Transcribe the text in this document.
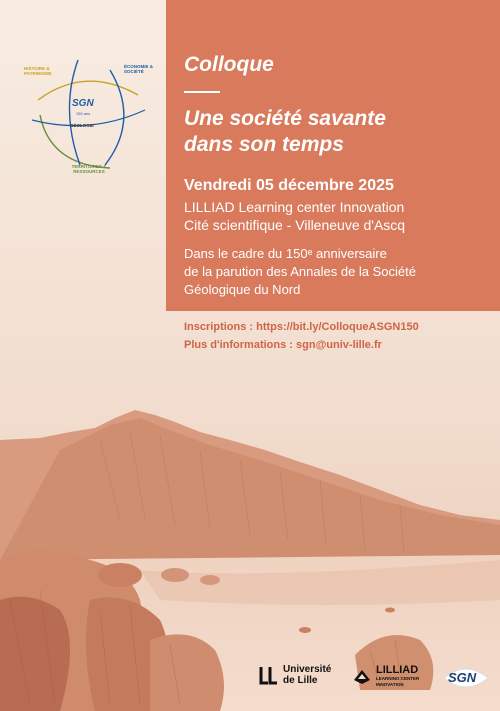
HISTOIRE & PATRIMOINE
ÉCONOMIE & SOCIÉTÉ
SGN
150 ans
GÉOLOGIE
TERRITOIRES & RESSOURCES
Colloque
Une société savante
dans son temps
Vendredi 05 décembre 2025
LILLIAD Learning center Innovation
Cité scientifique - Villeneuve d'Ascq
Dans le cadre du 150ᵉ anniversaire
de la parution des Annales de la Société
Géologique du Nord
Inscriptions : https://bit.ly/ColloqueASGN150
Plus d'informations : sgn@univ-lille.fr
Université
de Lille
LILLIAD
LEARNING CENTER
INNOVATION	SGN
